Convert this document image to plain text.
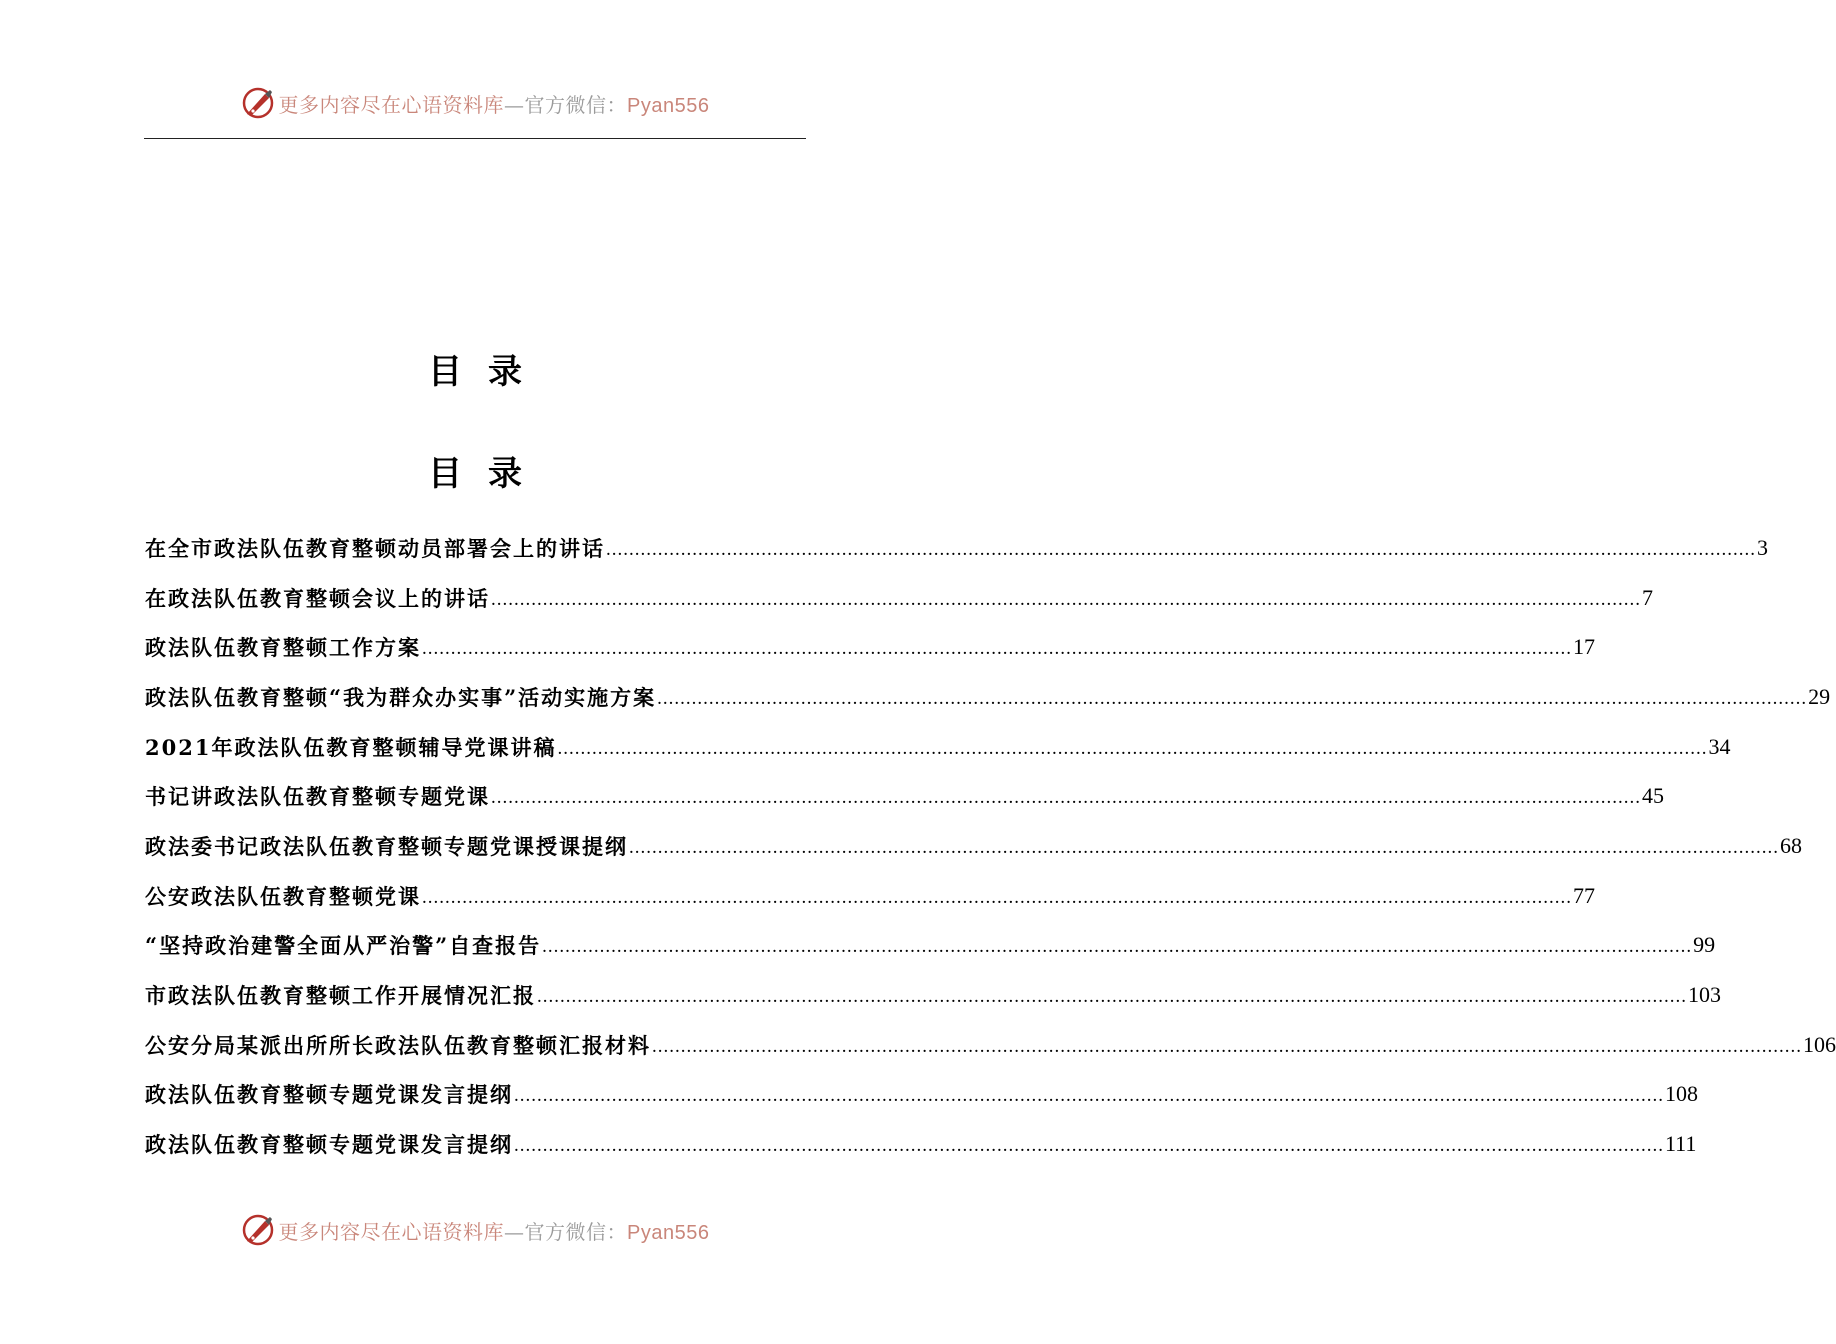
更多内容尽在心语资料库—官方微信：Pyan556
目录
目录
在全市政法队伍教育整顿动员部署会上的讲话 ........................................................................................................................................................................................................ 3
在政法队伍教育整顿会议上的讲话 ........................................................................................................................................................................................................ 7
政法队伍教育整顿工作方案 ........................................................................................................................................................................................................ 17
政法队伍教育整顿“我为群众办实事”活动实施方案 ........................................................................................................................................................................................................ 29
2021年政法队伍教育整顿辅导党课讲稿 ........................................................................................................................................................................................................ 34
书记讲政法队伍教育整顿专题党课 ........................................................................................................................................................................................................ 45
政法委书记政法队伍教育整顿专题党课授课提纲 ........................................................................................................................................................................................................ 68
公安政法队伍教育整顿党课 ........................................................................................................................................................................................................ 77
“坚持政治建警全面从严治警”自查报告 ........................................................................................................................................................................................................ 99
市政法队伍教育整顿工作开展情况汇报 ........................................................................................................................................................................................................ 103
公安分局某派出所所长政法队伍教育整顿汇报材料 ........................................................................................................................................................................................................ 106
政法队伍教育整顿专题党课发言提纲 ........................................................................................................................................................................................................ 108
政法队伍教育整顿专题党课发言提纲 ........................................................................................................................................................................................................ 111
更多内容尽在心语资料库—官方微信：Pyan556
